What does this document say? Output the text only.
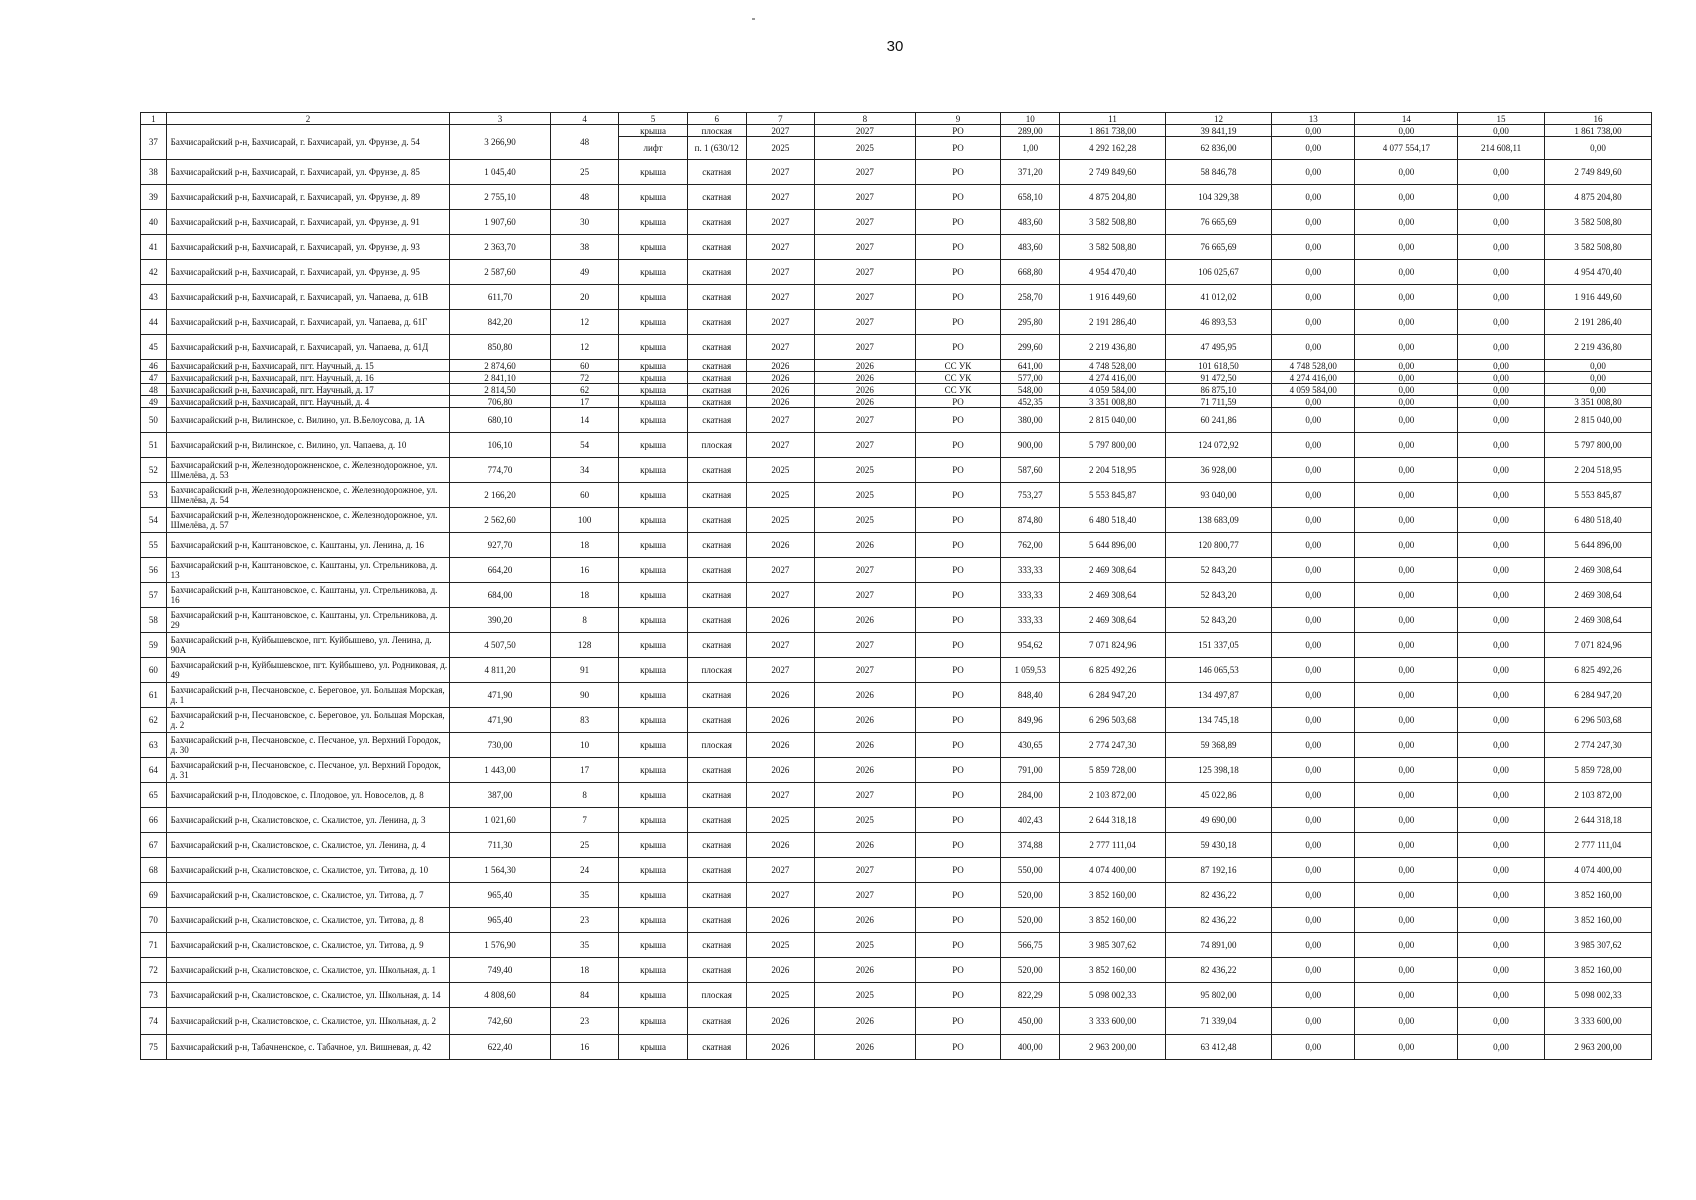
30
1	2	3	4	5	6	7	8	9	10	11	12	13	14	15	16
37	Бахчисарайский р-н, Бахчисарай, г. Бахчисарай, ул. Фрунзе, д. 54	3 266,90	48	крыша	плоская	2027	2027	РО	289,00	1 861 738,00	39 841,19	0,00	0,00	0,00	1 861 738,00
				лифт	п. 1 (630/12	2025	2025	РО	1,00	4 292 162,28	62 836,00	0,00	4 077 554,17	214 608,11	0,00
38	Бахчисарайский р-н, Бахчисарай, г. Бахчисарай, ул. Фрунзе, д. 85	1 045,40	25	крыша	скатная	2027	2027	РО	371,20	2 749 849,60	58 846,78	0,00	0,00	0,00	2 749 849,60
39	Бахчисарайский р-н, Бахчисарай, г. Бахчисарай, ул. Фрунзе, д. 89	2 755,10	48	крыша	скатная	2027	2027	РО	658,10	4 875 204,80	104 329,38	0,00	0,00	0,00	4 875 204,80
40	Бахчисарайский р-н, Бахчисарай, г. Бахчисарай, ул. Фрунзе, д. 91	1 907,60	30	крыша	скатная	2027	2027	РО	483,60	3 582 508,80	76 665,69	0,00	0,00	0,00	3 582 508,80
41	Бахчисарайский р-н, Бахчисарай, г. Бахчисарай, ул. Фрунзе, д. 93	2 363,70	38	крыша	скатная	2027	2027	РО	483,60	3 582 508,80	76 665,69	0,00	0,00	0,00	3 582 508,80
42	Бахчисарайский р-н, Бахчисарай, г. Бахчисарай, ул. Фрунзе, д. 95	2 587,60	49	крыша	скатная	2027	2027	РО	668,80	4 954 470,40	106 025,67	0,00	0,00	0,00	4 954 470,40
43	Бахчисарайский р-н, Бахчисарай, г. Бахчисарай, ул. Чапаева, д. 61В	611,70	20	крыша	скатная	2027	2027	РО	258,70	1 916 449,60	41 012,02	0,00	0,00	0,00	1 916 449,60
44	Бахчисарайский р-н, Бахчисарай, г. Бахчисарай, ул. Чапаева, д. 61Г	842,20	12	крыша	скатная	2027	2027	РО	295,80	2 191 286,40	46 893,53	0,00	0,00	0,00	2 191 286,40
45	Бахчисарайский р-н, Бахчисарай, г. Бахчисарай, ул. Чапаева, д. 61Д	850,80	12	крыша	скатная	2027	2027	РО	299,60	2 219 436,80	47 495,95	0,00	0,00	0,00	2 219 436,80
46	Бахчисарайский р-н, Бахчисарай, пгт. Научный, д. 15	2 874,60	60	крыша	скатная	2026	2026	СС УК	641,00	4 748 528,00	101 618,50	4 748 528,00	0,00	0,00	0,00
47	Бахчисарайский р-н, Бахчисарай, пгт. Научный, д. 16	2 841,10	72	крыша	скатная	2026	2026	СС УК	577,00	4 274 416,00	91 472,50	4 274 416,00	0,00	0,00	0,00
48	Бахчисарайский р-н, Бахчисарай, пгт. Научный, д. 17	2 814,50	62	крыша	скатная	2026	2026	СС УК	548,00	4 059 584,00	86 875,10	4 059 584,00	0,00	0,00	0,00
49	Бахчисарайский р-н, Бахчисарай, пгт. Научный, д. 4	706,80	17	крыша	скатная	2026	2026	РО	452,35	3 351 008,80	71 711,59	0,00	0,00	0,00	3 351 008,80
50	Бахчисарайский р-н, Вилинское, с. Вилино, ул. В.Белоусова, д. 1А	680,10	14	крыша	скатная	2027	2027	РО	380,00	2 815 040,00	60 241,86	0,00	0,00	0,00	2 815 040,00
51	Бахчисарайский р-н, Вилинское, с. Вилино, ул. Чапаева, д. 10	106,10	54	крыша	плоская	2027	2027	РО	900,00	5 797 800,00	124 072,92	0,00	0,00	0,00	5 797 800,00
52	Бахчисарайский р-н, Железнодорожненское, с. Железнодорожное, ул. Шмелёва, д. 53	774,70	34	крыша	скатная	2025	2025	РО	587,60	2 204 518,95	36 928,00	0,00	0,00	0,00	2 204 518,95
53	Бахчисарайский р-н, Железнодорожненское, с. Железнодорожное, ул. Шмелёва, д. 54	2 166,20	60	крыша	скатная	2025	2025	РО	753,27	5 553 845,87	93 040,00	0,00	0,00	0,00	5 553 845,87
54	Бахчисарайский р-н, Железнодорожненское, с. Железнодорожное, ул. Шмелёва, д. 57	2 562,60	100	крыша	скатная	2025	2025	РО	874,80	6 480 518,40	138 683,09	0,00	0,00	0,00	6 480 518,40
55	Бахчисарайский р-н, Каштановское, с. Каштаны, ул. Ленина, д. 16	927,70	18	крыша	скатная	2026	2026	РО	762,00	5 644 896,00	120 800,77	0,00	0,00	0,00	5 644 896,00
56	Бахчисарайский р-н, Каштановское, с. Каштаны, ул. Стрельникова, д. 13	664,20	16	крыша	скатная	2027	2027	РО	333,33	2 469 308,64	52 843,20	0,00	0,00	0,00	2 469 308,64
57	Бахчисарайский р-н, Каштановское, с. Каштаны, ул. Стрельникова, д. 16	684,00	18	крыша	скатная	2027	2027	РО	333,33	2 469 308,64	52 843,20	0,00	0,00	0,00	2 469 308,64
58	Бахчисарайский р-н, Каштановское, с. Каштаны, ул. Стрельникова, д. 29	390,20	8	крыша	скатная	2026	2026	РО	333,33	2 469 308,64	52 843,20	0,00	0,00	0,00	2 469 308,64
59	Бахчисарайский р-н, Куйбышевское, пгт. Куйбышево, ул. Ленина, д. 90А	4 507,50	128	крыша	скатная	2027	2027	РО	954,62	7 071 824,96	151 337,05	0,00	0,00	0,00	7 071 824,96
60	Бахчисарайский р-н, Куйбышевское, пгт. Куйбышево, ул. Родниковая, д. 49	4 811,20	91	крыша	плоская	2027	2027	РО	1 059,53	6 825 492,26	146 065,53	0,00	0,00	0,00	6 825 492,26
61	Бахчисарайский р-н, Песчановское, с. Береговое, ул. Большая Морская, д. 1	471,90	90	крыша	скатная	2026	2026	РО	848,40	6 284 947,20	134 497,87	0,00	0,00	0,00	6 284 947,20
62	Бахчисарайский р-н, Песчановское, с. Береговое, ул. Большая Морская, д. 2	471,90	83	крыша	скатная	2026	2026	РО	849,96	6 296 503,68	134 745,18	0,00	0,00	0,00	6 296 503,68
63	Бахчисарайский р-н, Песчановское, с. Песчаное, ул. Верхний Городок, д. 30	730,00	10	крыша	плоская	2026	2026	РО	430,65	2 774 247,30	59 368,89	0,00	0,00	0,00	2 774 247,30
64	Бахчисарайский р-н, Песчановское, с. Песчаное, ул. Верхний Городок, д. 31	1 443,00	17	крыша	скатная	2026	2026	РО	791,00	5 859 728,00	125 398,18	0,00	0,00	0,00	5 859 728,00
65	Бахчисарайский р-н, Плодовское, с. Плодовое, ул. Новоселов, д. 8	387,00	8	крыша	скатная	2027	2027	РО	284,00	2 103 872,00	45 022,86	0,00	0,00	0,00	2 103 872,00
66	Бахчисарайский р-н, Скалистовское, с. Скалистое, ул. Ленина, д. 3	1 021,60	7	крыша	скатная	2025	2025	РО	402,43	2 644 318,18	49 690,00	0,00	0,00	0,00	2 644 318,18
67	Бахчисарайский р-н, Скалистовское, с. Скалистое, ул. Ленина, д. 4	711,30	25	крыша	скатная	2026	2026	РО	374,88	2 777 111,04	59 430,18	0,00	0,00	0,00	2 777 111,04
68	Бахчисарайский р-н, Скалистовское, с. Скалистое, ул. Титова, д. 10	1 564,30	24	крыша	скатная	2027	2027	РО	550,00	4 074 400,00	87 192,16	0,00	0,00	0,00	4 074 400,00
69	Бахчисарайский р-н, Скалистовское, с. Скалистое, ул. Титова, д. 7	965,40	35	крыша	скатная	2027	2027	РО	520,00	3 852 160,00	82 436,22	0,00	0,00	0,00	3 852 160,00
70	Бахчисарайский р-н, Скалистовское, с. Скалистое, ул. Титова, д. 8	965,40	23	крыша	скатная	2026	2026	РО	520,00	3 852 160,00	82 436,22	0,00	0,00	0,00	3 852 160,00
71	Бахчисарайский р-н, Скалистовское, с. Скалистое, ул. Титова, д. 9	1 576,90	35	крыша	скатная	2025	2025	РО	566,75	3 985 307,62	74 891,00	0,00	0,00	0,00	3 985 307,62
72	Бахчисарайский р-н, Скалистовское, с. Скалистое, ул. Школьная, д. 1	749,40	18	крыша	скатная	2026	2026	РО	520,00	3 852 160,00	82 436,22	0,00	0,00	0,00	3 852 160,00
73	Бахчисарайский р-н, Скалистовское, с. Скалистое, ул. Школьная, д. 14	4 808,60	84	крыша	плоская	2025	2025	РО	822,29	5 098 002,33	95 802,00	0,00	0,00	0,00	5 098 002,33
74	Бахчисарайский р-н, Скалистовское, с. Скалистое, ул. Школьная, д. 2	742,60	23	крыша	скатная	2026	2026	РО	450,00	3 333 600,00	71 339,04	0,00	0,00	0,00	3 333 600,00
75	Бахчисарайский р-н, Табачненское, с. Табачное, ул. Вишневая, д. 42	622,40	16	крыша	скатная	2026	2026	РО	400,00	2 963 200,00	63 412,48	0,00	0,00	0,00	2 963 200,00
